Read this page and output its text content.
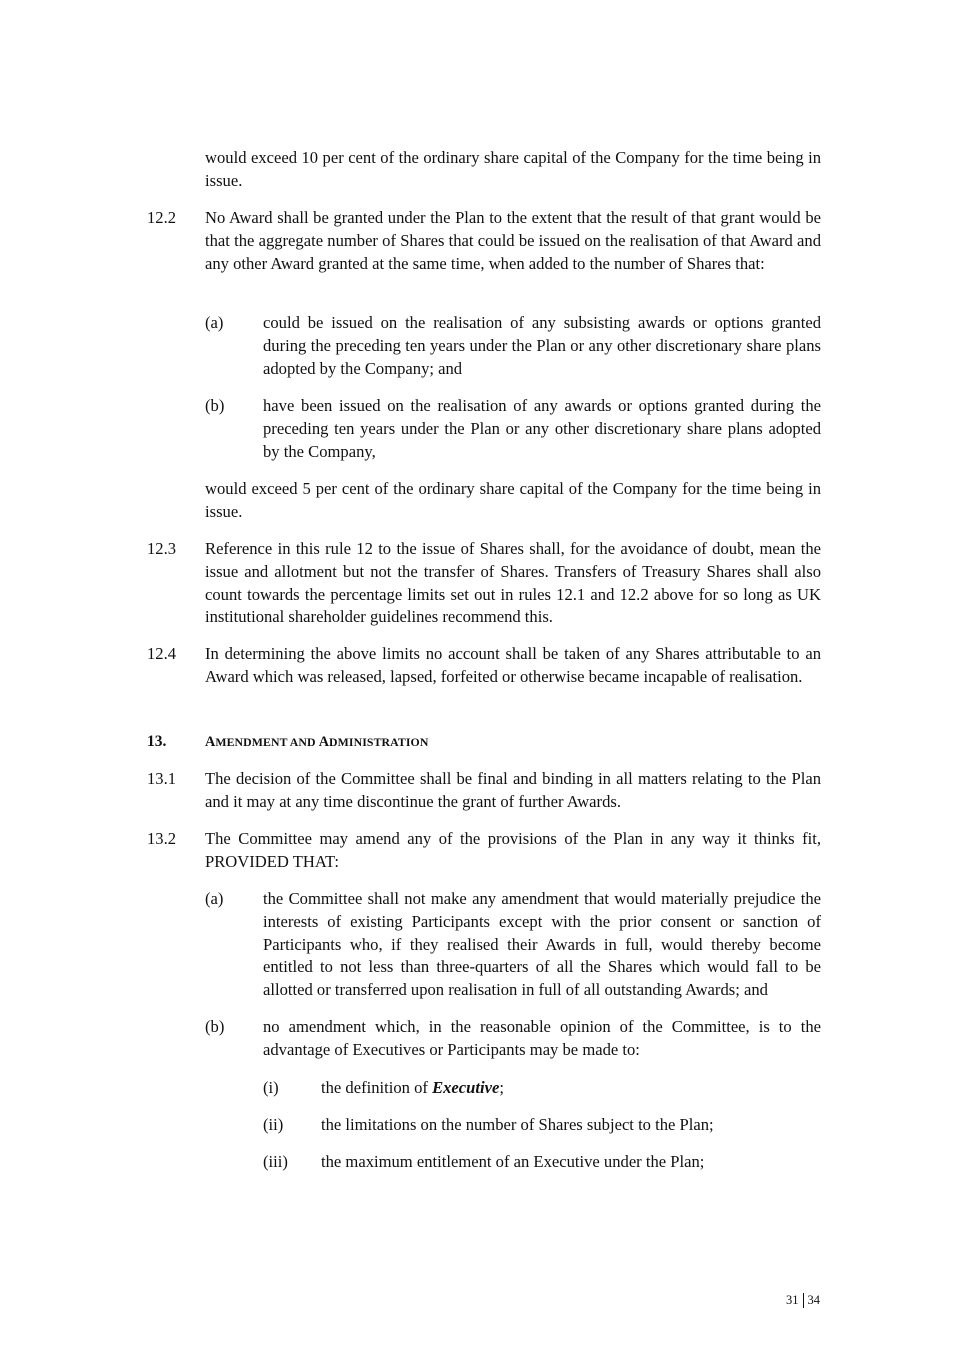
would exceed 10 per cent of the ordinary share capital of the Company for the time being in issue.
12.2 No Award shall be granted under the Plan to the extent that the result of that grant would be that the aggregate number of Shares that could be issued on the realisation of that Award and any other Award granted at the same time, when added to the number of Shares that:
(a) could be issued on the realisation of any subsisting awards or options granted during the preceding ten years under the Plan or any other discretionary share plans adopted by the Company; and
(b) have been issued on the realisation of any awards or options granted during the preceding ten years under the Plan or any other discretionary share plans adopted by the Company,
would exceed 5 per cent of the ordinary share capital of the Company for the time being in issue.
12.3 Reference in this rule 12 to the issue of Shares shall, for the avoidance of doubt, mean the issue and allotment but not the transfer of Shares. Transfers of Treasury Shares shall also count towards the percentage limits set out in rules 12.1 and 12.2 above for so long as UK institutional shareholder guidelines recommend this.
12.4 In determining the above limits no account shall be taken of any Shares attributable to an Award which was released, lapsed, forfeited or otherwise became incapable of realisation.
13.	AMENDMENT AND ADMINISTRATION
13.1 The decision of the Committee shall be final and binding in all matters relating to the Plan and it may at any time discontinue the grant of further Awards.
13.2 The Committee may amend any of the provisions of the Plan in any way it thinks fit, PROVIDED THAT:
(a) the Committee shall not make any amendment that would materially prejudice the interests of existing Participants except with the prior consent or sanction of Participants who, if they realised their Awards in full, would thereby become entitled to not less than three-quarters of all the Shares which would fall to be allotted or transferred upon realisation in full of all outstanding Awards; and
(b) no amendment which, in the reasonable opinion of the Committee, is to the advantage of Executives or Participants may be made to:
(i)	the definition of Executive;
(ii) the limitations on the number of Shares subject to the Plan;
(iii) the maximum entitlement of an Executive under the Plan;
31 34
